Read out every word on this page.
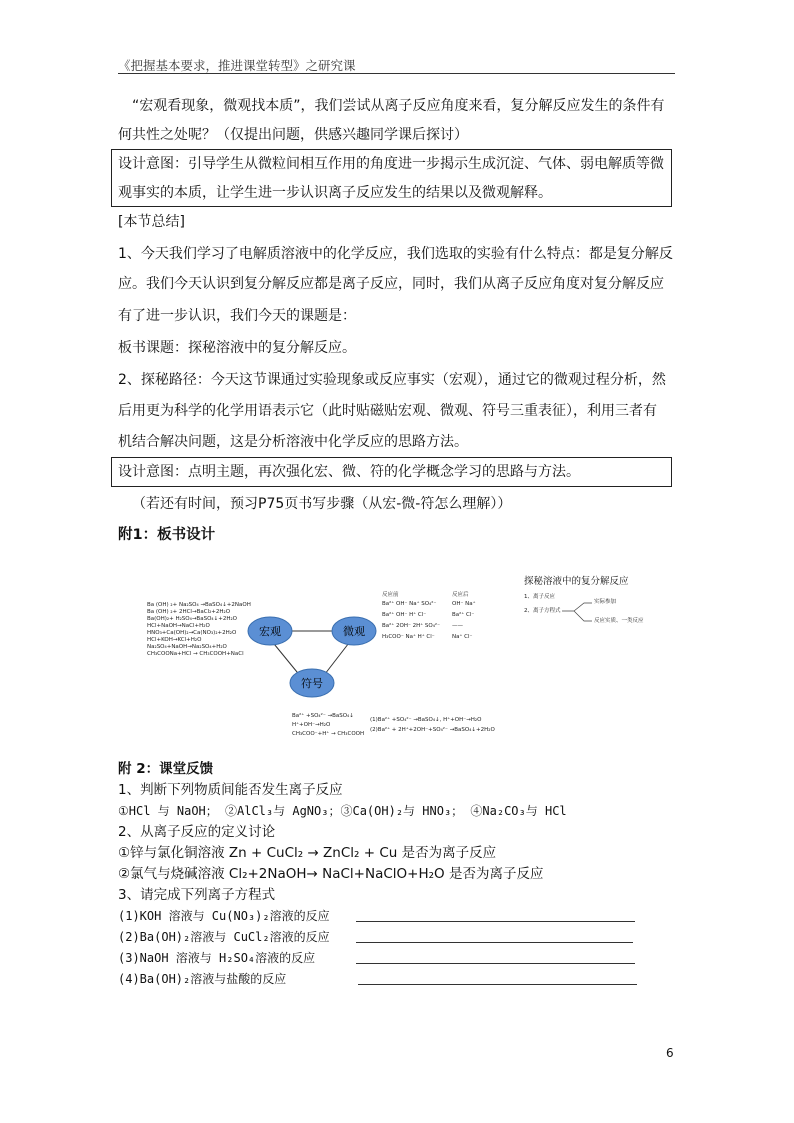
《把握基本要求，推进课堂转型》之研究课
“宏观看现象，微观找本质”，我们尝试从离子反应角度来看，复分解反应发生的条件有
何共性之处呢？（仅提出问题，供感兴趣同学课后探讨）
设计意图：引导学生从微粒间相互作用的角度进一步揭示生成沉淀、气体、弱电解质等微
观事实的本质，让学生进一步认识离子反应发生的结果以及微观解释。
[本节总结]
1、今天我们学习了电解质溶液中的化学反应，我们选取的实验有什么特点：都是复分解反
应。我们今天认识到复分解反应都是离子反应，同时，我们从离子反应角度对复分解反应
有了进一步认识，我们今天的课题是：
板书课题：探秘溶液中的复分解反应。
2、探秘路径：今天这节课通过实验现象或反应事实（宏观），通过它的微观过程分析，然
后用更为科学的化学用语表示它（此时贴磁贴宏观、微观、符号三重表征），利用三者有
机结合解决问题，这是分析溶液中化学反应的思路方法。
设计意图：点明主题，再次强化宏、微、符的化学概念学习的思路与方法。
（若还有时间，预习P75页书写步骤（从宏-微-符怎么理解））
附1：板书设计
Ba (OH) ₂+ Na₂SO₄ →BaSO₄↓+2NaOH
Ba (OH) ₂+ 2HCl→BaCl₂+2H₂O
Ba(OH)₂+ H₂SO₄→BaSO₄↓+2H₂O
HCl+NaOH→NaCl+H₂O
HNO₃+Ca(OH)₂→Ca(NO₃)₂+2H₂O
HCl+KOH→KCl+H₂O
Na₂SO₄+NaOH→Na₂SO₄+H₂O
CH₃COONa+HCl → CH₃COOH+NaCl
宏观	微观
符号
反应前
Ba²⁺ OH⁻ Na⁺ SO₄²⁻
Ba²⁺ OH⁻ H⁺ Cl⁻
Ba²⁺ 2OH⁻ 2H⁺ SO₄²⁻
H₃COO⁻ Na⁺ H⁺ Cl⁻
反应后
OH⁻ Na⁺
Ba²⁺ Cl⁻
——
Na⁺ Cl⁻
Ba²⁺ +SO₄²⁻ →BaSO₄↓
H⁺+OH⁻→H₂O
CH₃COO⁻+H⁺ → CH₃COOH
(1)Ba²⁺ +SO₄²⁻ →BaSO₄↓, H⁺+OH⁻→H₂O
(2)Ba²⁺ + 2H⁺+2OH⁻+SO₄²⁻ →BaSO₄↓+2H₂O
探秘溶液中的复分解反应
1、离子反应
2、离子方程式
实际参加
反应实质、一类反应
附 2：课堂反馈
1、判断下列物质间能否发生离子反应
①HCl 与 NaOH； ②AlCl₃与 AgNO₃；③Ca(OH)₂与 HNO₃； ④Na₂CO₃与 HCl
2、从离子反应的定义讨论
①锌与氯化铜溶液 Zn + CuCl₂ → ZnCl₂ + Cu 是否为离子反应
②氯气与烧碱溶液 Cl₂+2NaOH→ NaCl+NaClO+H₂O 是否为离子反应
3、请完成下列离子方程式
(1)KOH 溶液与 Cu(NO₃)₂溶液的反应
(2)Ba(OH)₂溶液与 CuCl₂溶液的反应
(3)NaOH 溶液与 H₂SO₄溶液的反应
(4)Ba(OH)₂溶液与盐酸的反应
6
